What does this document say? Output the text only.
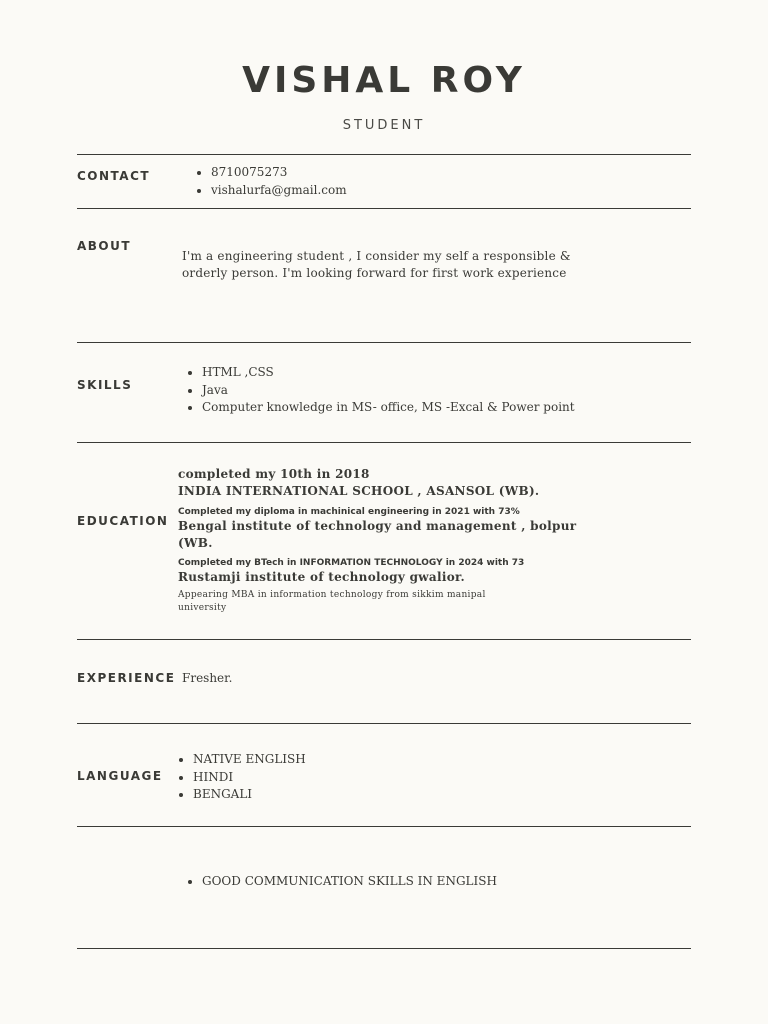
VISHAL ROY
STUDENT
CONTACT
•	8710075273
• vishalurfa@gmail.com
ABOUT
I'm a engineering student , I consider my self a responsible &
orderly person. I'm looking forward for first work experience
SKILLS
• HTML ,CSS
• Java
• Computer knowledge in MS- office, MS -Excal & Power point
EDUCATION
completed my 10th in 2018
INDIA INTERNATIONAL SCHOOL , ASANSOL (WB).
Completed my diploma in machinical engineering in 2021 with 73%
Bengal institute of technology and management , bolpur
(WB.
Completed my BTech in INFORMATION TECHNOLOGY in 2024 with 73
Rustamji institute of technology gwalior.
Appearing MBA in information technology from sikkim manipal
university
EXPERIENCE Fresher.
LANGUAGE
• NATIVE ENGLISH
• HINDI
• BENGALI
• GOOD COMMUNICATION SKILLS IN ENGLISH
